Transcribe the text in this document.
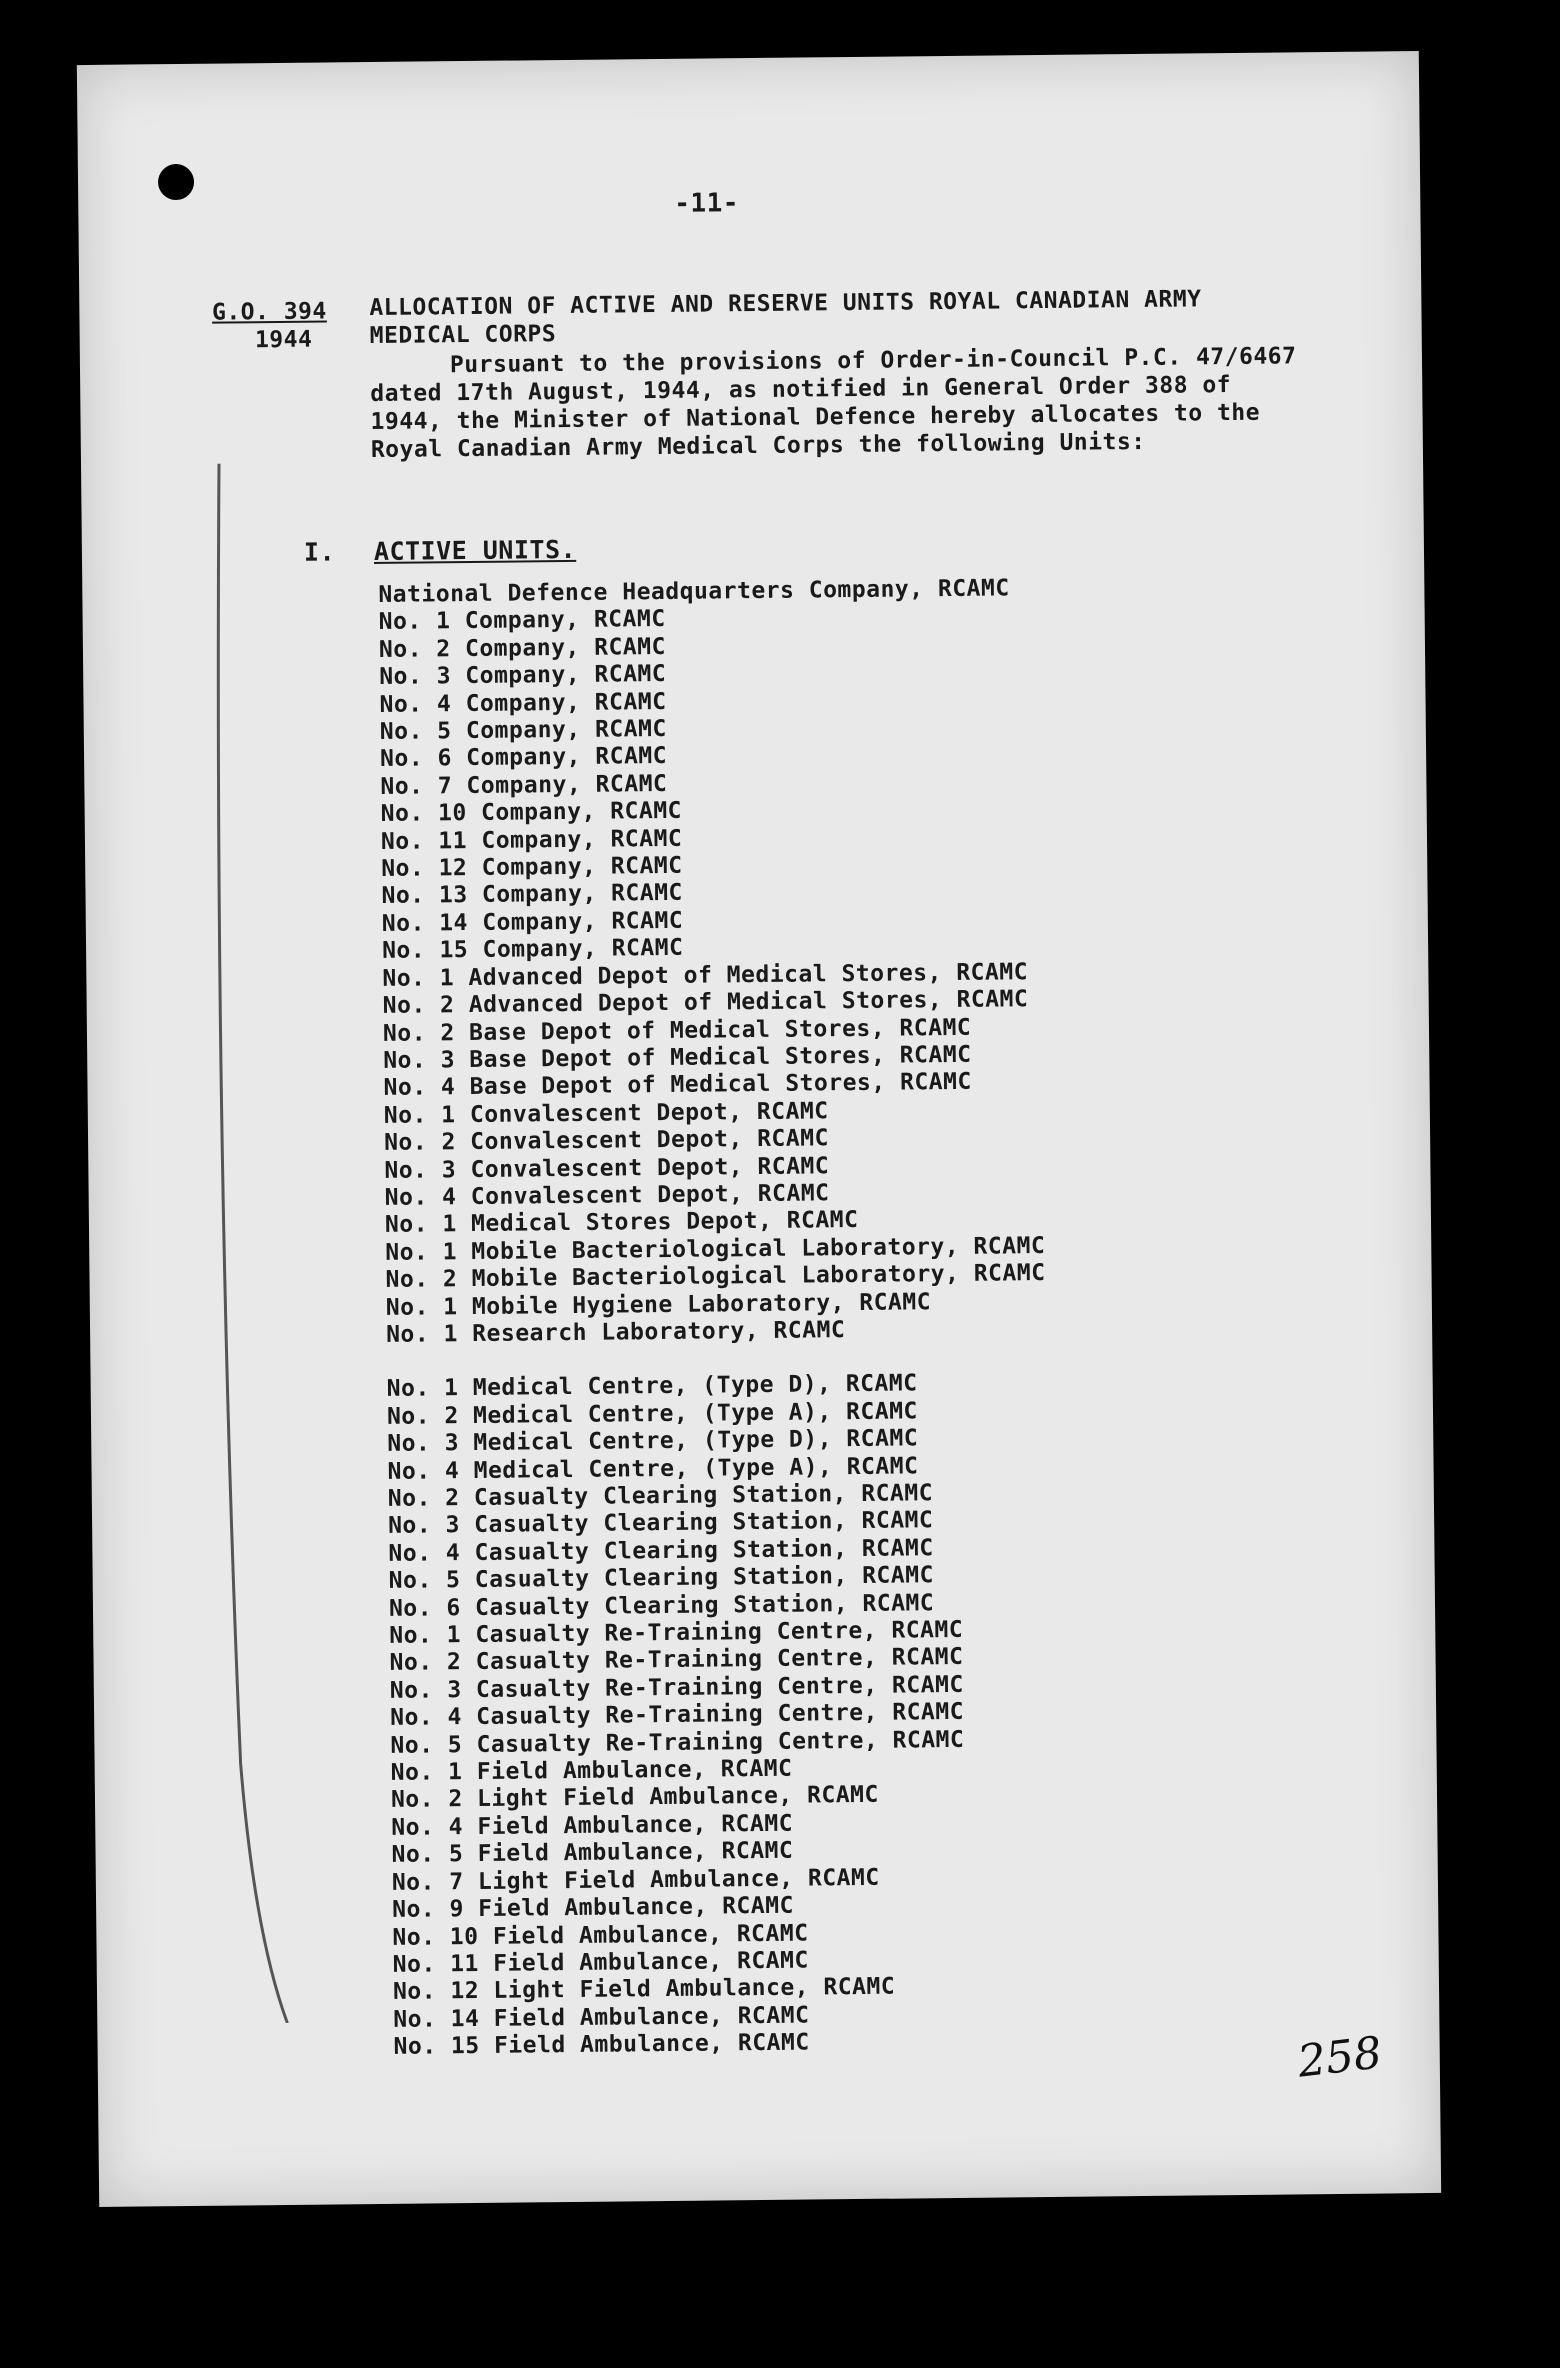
-11-
G.O. 394
1944
ALLOCATION OF ACTIVE AND RESERVE UNITS ROYAL CANADIAN ARMY MEDICAL CORPS
Pursuant to the provisions of Order-in-Council P.C. 47/6467 dated 17th August, 1944, as notified in General Order 388 of 1944, the Minister of National Defence hereby allocates to the Royal Canadian Army Medical Corps the following Units:
I. ACTIVE UNITS.
National Defence Headquarters Company, RCAMC
No. 1 Company, RCAMC
No. 2 Company, RCAMC
No. 3 Company, RCAMC
No. 4 Company, RCAMC
No. 5 Company, RCAMC
No. 6 Company, RCAMC
No. 7 Company, RCAMC
No. 10 Company, RCAMC
No. 11 Company, RCAMC
No. 12 Company, RCAMC
No. 13 Company, RCAMC
No. 14 Company, RCAMC
No. 15 Company, RCAMC
No. 1 Advanced Depot of Medical Stores, RCAMC
No. 2 Advanced Depot of Medical Stores, RCAMC
No. 2 Base Depot of Medical Stores, RCAMC
No. 3 Base Depot of Medical Stores, RCAMC
No. 4 Base Depot of Medical Stores, RCAMC
No. 1 Convalescent Depot, RCAMC
No. 2 Convalescent Depot, RCAMC
No. 3 Convalescent Depot, RCAMC
No. 4 Convalescent Depot, RCAMC
No. 1 Medical Stores Depot, RCAMC
No. 1 Mobile Bacteriological Laboratory, RCAMC
No. 2 Mobile Bacteriological Laboratory, RCAMC
No. 1 Mobile Hygiene Laboratory, RCAMC
No. 1 Research Laboratory, RCAMC
No. 1 Medical Centre, (Type D), RCAMC
No. 2 Medical Centre, (Type A), RCAMC
No. 3 Medical Centre, (Type D), RCAMC
No. 4 Medical Centre, (Type A), RCAMC
No. 2 Casualty Clearing Station, RCAMC
No. 3 Casualty Clearing Station, RCAMC
No. 4 Casualty Clearing Station, RCAMC
No. 5 Casualty Clearing Station, RCAMC
No. 6 Casualty Clearing Station, RCAMC
No. 1 Casualty Re-Training Centre, RCAMC
No. 2 Casualty Re-Training Centre, RCAMC
No. 3 Casualty Re-Training Centre, RCAMC
No. 4 Casualty Re-Training Centre, RCAMC
No. 5 Casualty Re-Training Centre, RCAMC
No. 1 Field Ambulance, RCAMC
No. 2 Light Field Ambulance, RCAMC
No. 4 Field Ambulance, RCAMC
No. 5 Field Ambulance, RCAMC
No. 7 Light Field Ambulance, RCAMC
No. 9 Field Ambulance, RCAMC
No. 10 Field Ambulance, RCAMC
No. 11 Field Ambulance, RCAMC
No. 12 Light Field Ambulance, RCAMC
No. 14 Field Ambulance, RCAMC
No. 15 Field Ambulance, RCAMC	258
